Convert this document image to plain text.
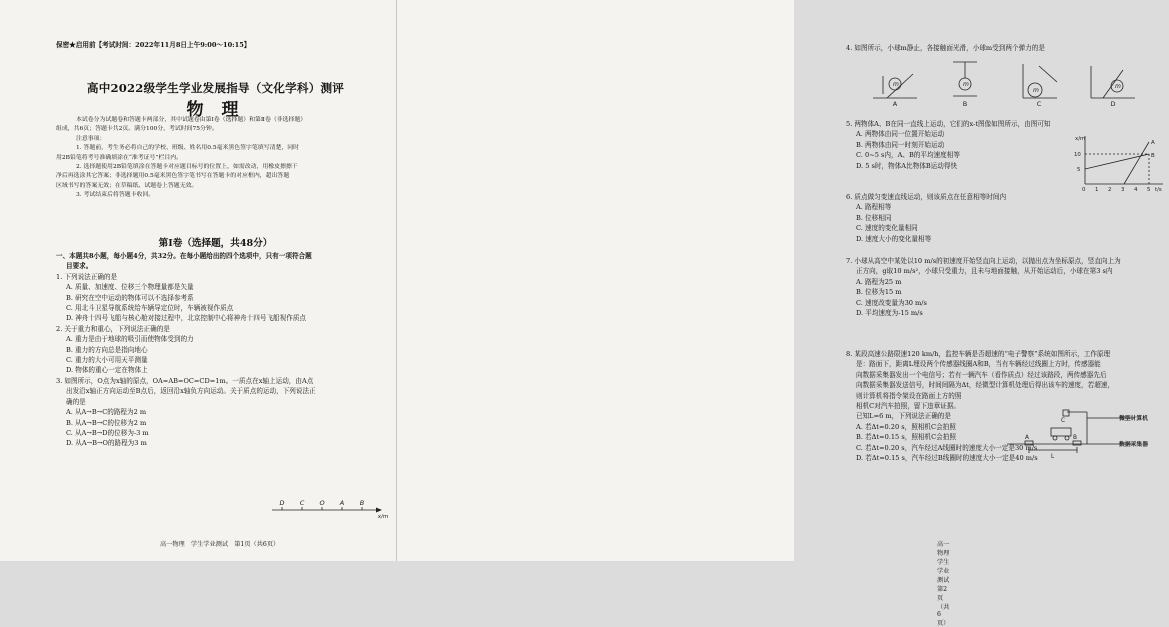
保密★启用前【考试时间：2022年11月8日上午9:00～10:15】
高中2022级学生学业发展指导（文化学科）测评
物 理
本试卷分为试题卷和答题卡两部分，其中试题卷由第Ⅰ卷（选择题）和第Ⅱ卷（非选择题）
组成，共6页；答题卡共2页。满分100分，考试时间75分钟。
注意事项：
1. 答题前，考生务必将自己的学校、班级、姓名用0.5毫米黑色签字笔填写清楚，同时
用2B铅笔将考号准确填涂在“准考证号”栏目内。
2. 选择题使用2B铅笔填涂在答题卡对应题目标号的位置上，如需改动，用橡皮擦擦干
净后再选涂其它答案；非选择题用0.5毫米黑色签字笔书写在答题卡的对应框内，超出答题
区域书写的答案无效；在草稿纸、试题卷上答题无效。
3. 考试结束后将答题卡收回。
第Ⅰ卷（选择题，共48分）
一、本题共8小题，每小题4分，共32分。在每小题给出的四个选项中，只有一项符合题
目要求。
1. 下列说法正确的是
A. 质量、加速度、位移三个物理量都是矢量
B. 研究在空中运动的物体可以不选择参考系
C. 用北斗卫星导航系统给车辆导定位时，车辆被视作质点
D. 神舟十四号飞船与核心舱对接过程中，北京控制中心将神舟十四号飞船视作质点
2. 关于重力和重心，下列说法正确的是
A. 重力是由于地球的吸引而使物体受到的力
B. 重力的方向总是指向地心
C. 重力的大小可用天平测量
D. 物体的重心一定在物体上
3. 如图所示，O点为x轴的原点，OA=AB=OC=CD=1m。一质点在x轴上运动，由A点
出发沿x轴正方向运动至B点后，返回沿x轴负方向运动。关于质点的运动，下列说法正
确的是
A. 从A→B→C的路程为2 m
B. 从A→B→C的位移为2 m
C. 从A→B→D的位移为-3 m
D. 从A→B→O的路程为3 m
D C O A B
x/m
高一物理　学生学业测试　第1页（共6页）
4. 如图所示，小球m静止，各接触面光滑，小球m受到两个弹力的是
m	m
m
m
A	B	C	D
5. 两物体A、B在同一直线上运动，它们的x-t图像如图所示，由图可知
A. 两物体由同一位置开始运动
B. 两物体由同一时刻开始运动
C. 0~5 s内，A、B的平均速度相等
D. 5 s时，物体A比物体B运动得快
x/m
t/s
10
5
0 1 2 3 4 5
A
B
6. 质点做匀变速直线运动，则该质点在任意相等时间内
A. 路程相等
B. 位移相同
C. 速度的变化量相同
D. 速度大小的变化量相等
7. 小球从高空中某处以10 m/s的初速度开始竖直向上运动，以抛出点为坐标原点，竖直向上为
正方向，g取10 m/s²，小球只受重力，且未与地面接触，从开始运动后，小球在第3 s内
A. 路程为25 m
B. 位移为15 m
C. 速度改变量为30 m/s
D. 平均速度为-15 m/s
8. 某段高速公路限速120 km/h，监控车辆是否超速的“电子警察”系统如图所示，工作原理
是：路面下，距离L埋设两个传感器线圈A和B，当有车辆经过线圈上方时，传感器能
向数据采集器发出一个电信号；若有一辆汽车（看作质点）经过该路段，两传感器先后
向数据采集器发送信号，时间间隔为Δt，经微型计算机处理后得出该车的速度，若超速，
则计算机将指令架设在路面上方的照
相机C对汽车拍照，留下违章证据。
已知L=6 m，下列说法正确的是
A. 若Δt=0.20 s，照相机C会拍照
B. 若Δt=0.15 s，照相机C会拍照
C. 若Δt=0.20 s，汽车经过A线圈时的速度大小一定是30 m/s
D. 若Δt=0.15 s，汽车经过B线圈时的速度大小一定是40 m/s
C
A	B
L
微型计算机
数据采集器
高一物理　学生学业测试　第2页（共6页）
